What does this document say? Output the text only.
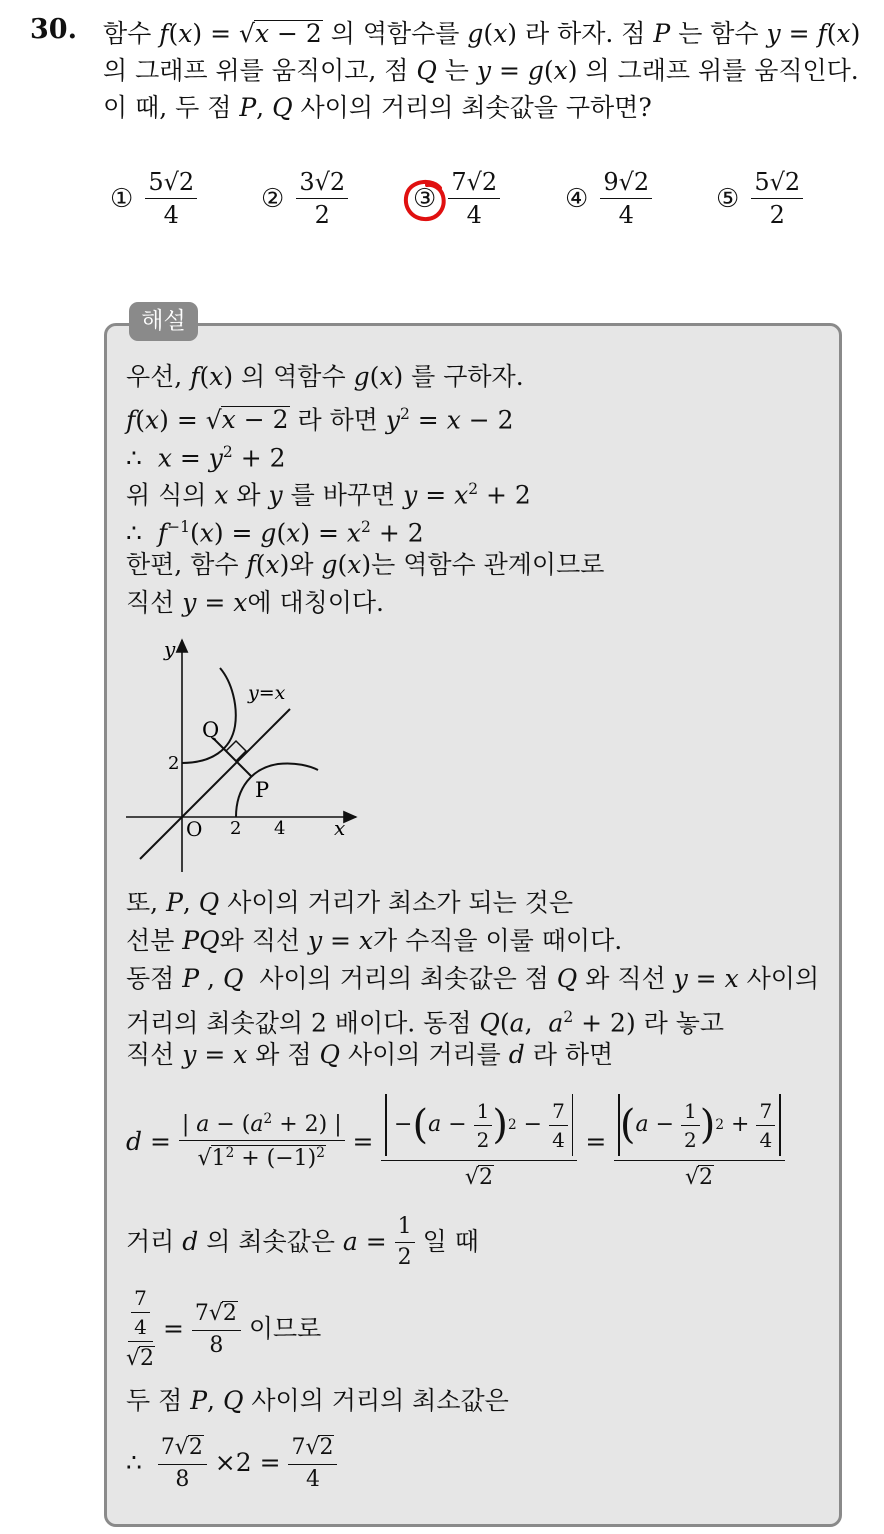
30. 함수 f(x) = √x − 2 의 역함수를 g(x) 라 하자. 점 P 는 함수 y = f(x)
의 그래프 위를 움직이고, 점 Q 는 y = g(x) 의 그래프 위를 움직인다.
이 때, 두 점 P, Q 사이의 거리의 최솟값을 구하면?
① $\frac{5√2}{4}$ ② $\frac{3√2}{2}$ ③ $\frac{7√2}{4}$ ④ $\frac{9√2}{4}$ ⑤ $\frac{5√2}{2}$
해설
우선, f(x) 의 역함수 g(x) 를 구하자.
f(x) = √x − 2 라 하면 $y^2 = x - 2$
∴  $x = y^2 + 2$
위 식의 x 와 y 를 바꾸면 $y = x^2 + 2$
∴  $f^{-1}(x) = g(x) = x^2 + 2$
한편, 함수 f(x)와 g(x)는 역함수 관계이므로
직선 y = x에 대칭이다.
y
x
y=x
O 2 4
2
Q
P
또, P, Q 사이의 거리가 최소가 되는 것은
선분 PQ와 직선 y = x가 수직을 이룰 때이다.
동점 P , Q 사이의 거리의 최솟값은 점 Q 와 직선 y = x 사이의
거리의 최솟값의 2 배이다. 동점 Q(a,  $a^2 + 2$) 라 놓고
직선 y = x 와 점 Q 사이의 거리를 d 라 하면
$d = \frac{| a - (a^2 + 2) |}{√1^2 + (-1)^2} = \frac{- ( a - \frac{1}{2} ) 2 - \frac{7}{4}}{√2} = \frac{( a - \frac{1}{2} ) 2 + \frac{7}{4}}{√2}$
거리
d
의 최솟값은
$a = \frac{1}{2}$
일 때
$\frac{\frac{7}{4}}{√2} = \frac{7√2}{8}$
이므로
두 점 P, Q 사이의 거리의 최소값은
∴ $\frac{7√2}{8} \times 2 = \frac{7√2}{4}$
